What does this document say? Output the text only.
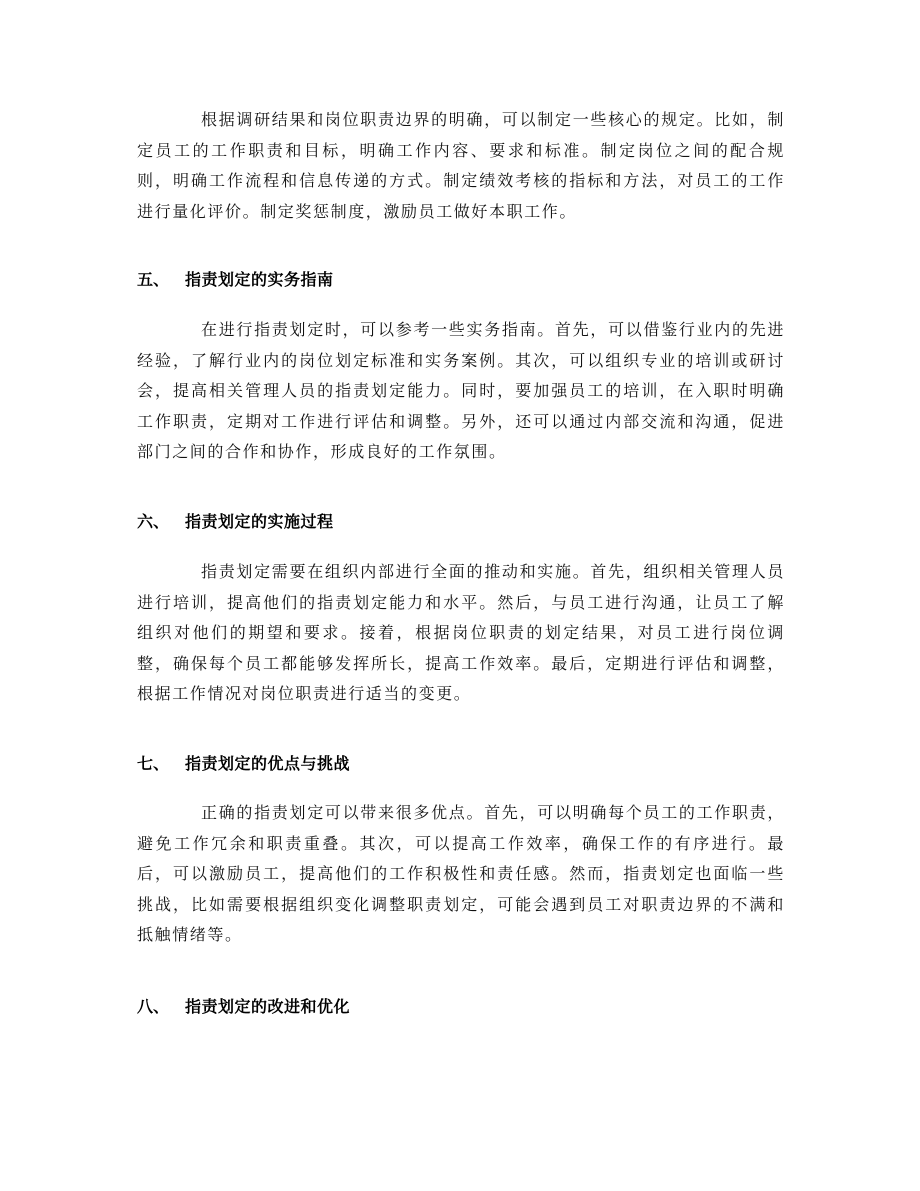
根据调研结果和岗位职责边界的明确，可以制定一些核心的规定。比如，制定员工的工作职责和目标，明确工作内容、要求和标准。制定岗位之间的配合规则，明确工作流程和信息传递的方式。制定绩效考核的指标和方法，对员工的工作进行量化评价。制定奖惩制度，激励员工做好本职工作。

五、 指责划定的实务指南

在进行指责划定时，可以参考一些实务指南。首先，可以借鉴行业内的先进经验，了解行业内的岗位划定标准和实务案例。其次，可以组织专业的培训或研讨会，提高相关管理人员的指责划定能力。同时，要加强员工的培训，在入职时明确工作职责，定期对工作进行评估和调整。另外，还可以通过内部交流和沟通，促进部门之间的合作和协作，形成良好的工作氛围。

六、 指责划定的实施过程

指责划定需要在组织内部进行全面的推动和实施。首先，组织相关管理人员进行培训，提高他们的指责划定能力和水平。然后，与员工进行沟通，让员工了解组织对他们的期望和要求。接着，根据岗位职责的划定结果，对员工进行岗位调整，确保每个员工都能够发挥所长，提高工作效率。最后，定期进行评估和调整，根据工作情况对岗位职责进行适当的变更。

七、 指责划定的优点与挑战

正确的指责划定可以带来很多优点。首先，可以明确每个员工的工作职责，避免工作冗余和职责重叠。其次，可以提高工作效率，确保工作的有序进行。最后，可以激励员工，提高他们的工作积极性和责任感。然而，指责划定也面临一些挑战，比如需要根据组织变化调整职责划定，可能会遇到员工对职责边界的不满和抵触情绪等。

八、 指责划定的改进和优化
